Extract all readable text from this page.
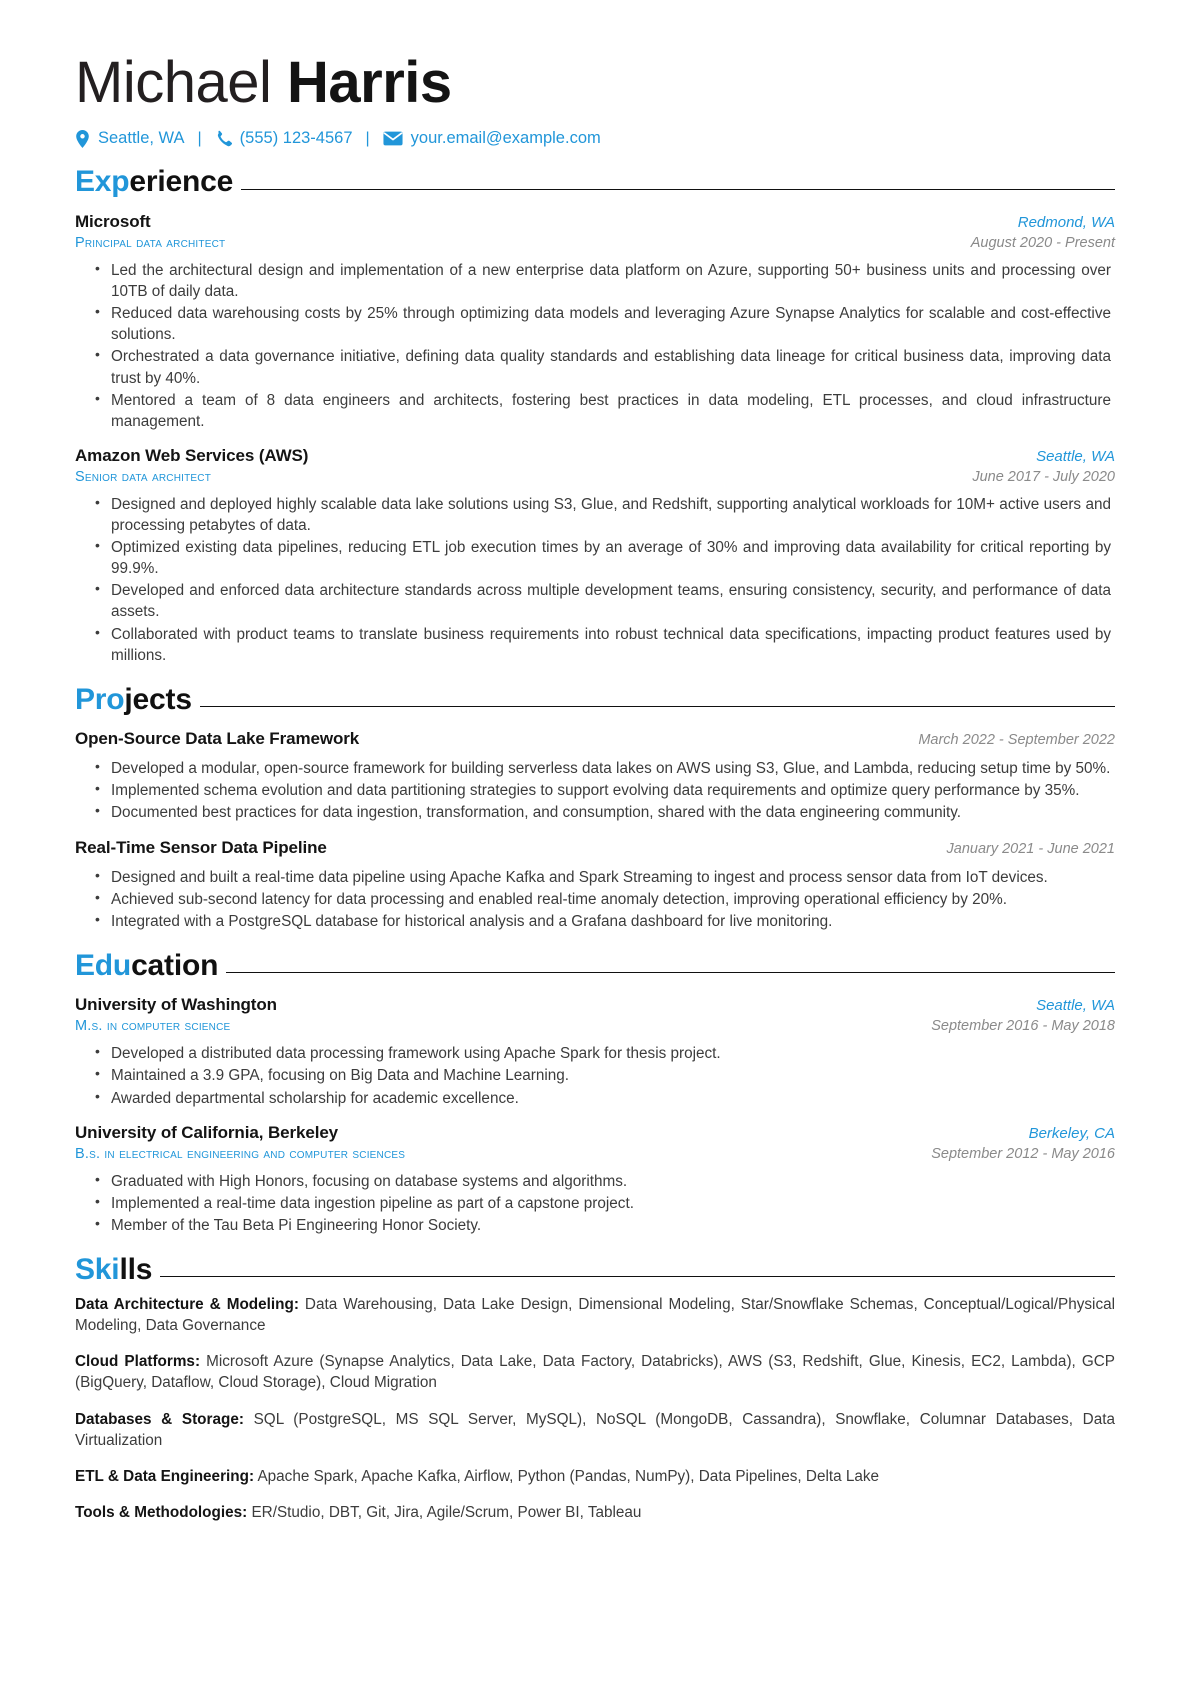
Michael Harris
Seattle, WA |	(555) 123-4567 |	your.email@example.com
Experience
Microsoft	Redmond, WA
Principal data architect	August 2020 - Present
• Led the architectural design and implementation of a new enterprise data platform on Azure, supporting 50+ business units and processing over 10TB of daily data.
• Reduced data warehousing costs by 25% through optimizing data models and leveraging Azure Synapse Analytics for scalable and cost-effective solutions.
• Orchestrated a data governance initiative, defining data quality standards and establishing data lineage for critical business data, improving data trust by 40%.
• Mentored a team of 8 data engineers and architects, fostering best practices in data modeling, ETL processes, and cloud infrastructure management.
Amazon Web Services (AWS)	Seattle, WA
Senior data architect	June 2017 - July 2020
• Designed and deployed highly scalable data lake solutions using S3, Glue, and Redshift, supporting analytical workloads for 10M+ active users and processing petabytes of data.
• Optimized existing data pipelines, reducing ETL job execution times by an average of 30% and improving data availability for critical reporting by 99.9%.
• Developed and enforced data architecture standards across multiple development teams, ensuring consistency, security, and performance of data assets.
• Collaborated with product teams to translate business requirements into robust technical data specifications, impacting product features used by millions.
Projects
Open-Source Data Lake Framework	March 2022 - September 2022
• Developed a modular, open-source framework for building serverless data lakes on AWS using S3, Glue, and Lambda, reducing setup time by 50%.
• Implemented schema evolution and data partitioning strategies to support evolving data requirements and optimize query performance by 35%.
• Documented best practices for data ingestion, transformation, and consumption, shared with the data engineering community.
Real-Time Sensor Data Pipeline	January 2021 - June 2021
• Designed and built a real-time data pipeline using Apache Kafka and Spark Streaming to ingest and process sensor data from IoT devices.
• Achieved sub-second latency for data processing and enabled real-time anomaly detection, improving operational efficiency by 20%.
• Integrated with a PostgreSQL database for historical analysis and a Grafana dashboard for live monitoring.
Education
University of Washington	Seattle, WA
M.s. in computer science	September 2016 - May 2018
• Developed a distributed data processing framework using Apache Spark for thesis project.
• Maintained a 3.9 GPA, focusing on Big Data and Machine Learning.
• Awarded departmental scholarship for academic excellence.
University of California, Berkeley	Berkeley, CA
B.s. in electrical engineering and computer sciences	September 2012 - May 2016
• Graduated with High Honors, focusing on database systems and algorithms.
• Implemented a real-time data ingestion pipeline as part of a capstone project.
• Member of the Tau Beta Pi Engineering Honor Society.
Skills

Data Architecture & Modeling: Data Warehousing, Data Lake Design, Dimensional Modeling, Star/Snowflake Schemas, Conceptual/Logical/Physical Modeling, Data Governance

Cloud Platforms: Microsoft Azure (Synapse Analytics, Data Lake, Data Factory, Databricks), AWS (S3, Redshift, Glue, Kinesis, EC2, Lambda), GCP (BigQuery, Dataflow, Cloud Storage), Cloud Migration

Databases & Storage: SQL (PostgreSQL, MS SQL Server, MySQL), NoSQL (MongoDB, Cassandra), Snowflake, Columnar Databases, Data Virtualization

ETL & Data Engineering: Apache Spark, Apache Kafka, Airflow, Python (Pandas, NumPy), Data Pipelines, Delta Lake

Tools & Methodologies: ER/Studio, DBT, Git, Jira, Agile/Scrum, Power BI, Tableau
